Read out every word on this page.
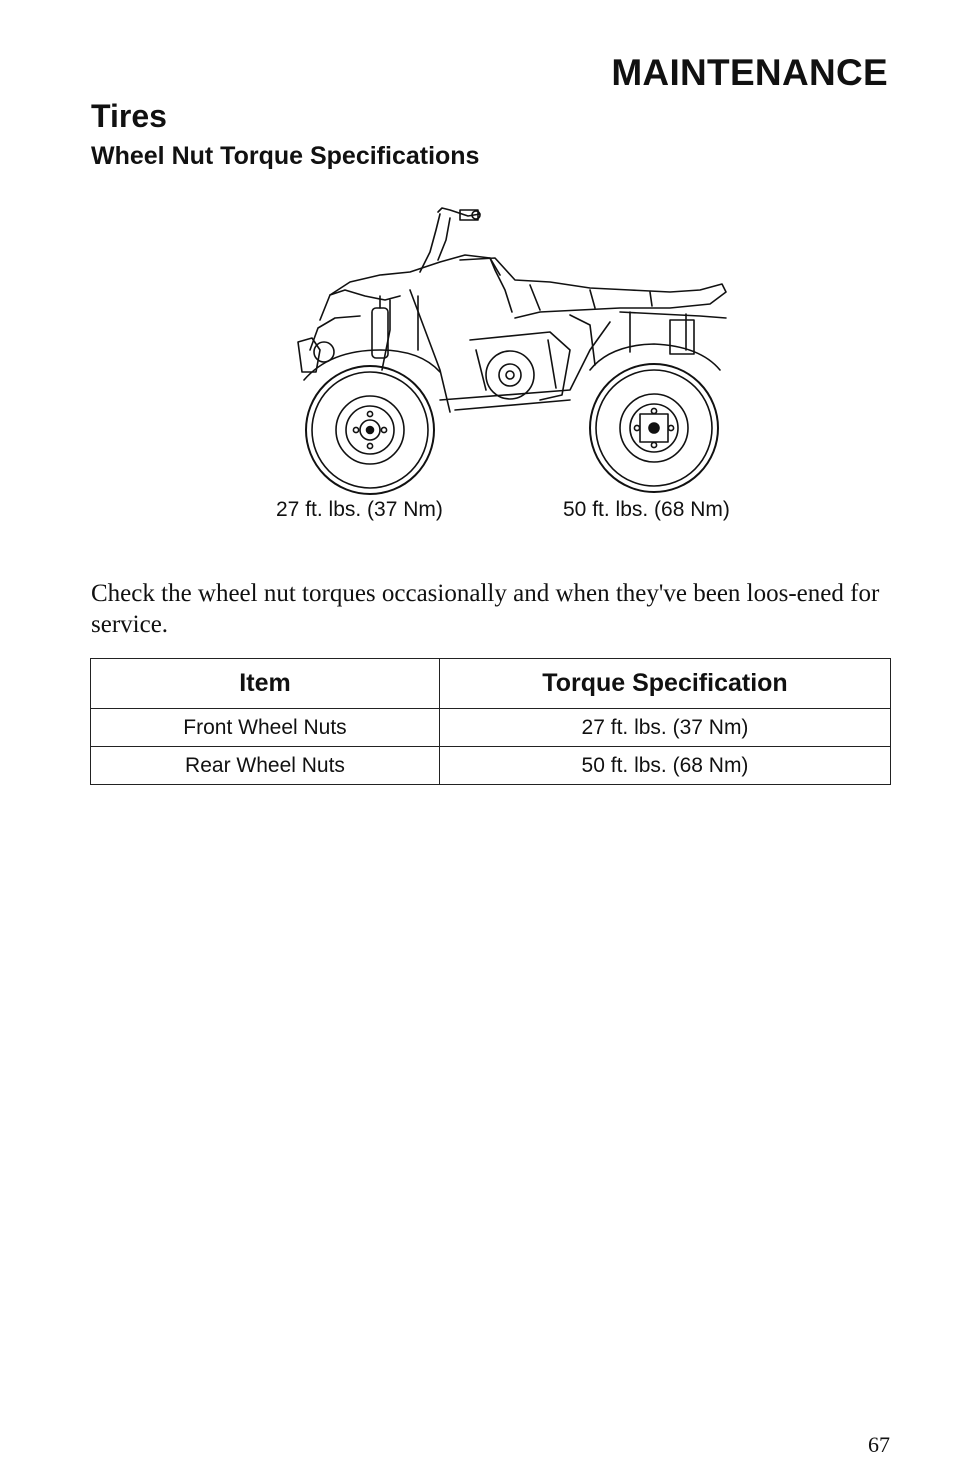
MAINTENANCE
Tires
Wheel Nut Torque Specifications
27 ft. lbs. (37 Nm)	50 ft. lbs. (68 Nm)
Check the wheel nut torques occasionally and when they've been loos-ened for service.
Item	Torque Specification
Front Wheel Nuts	27 ft. lbs. (37 Nm)
Rear Wheel Nuts	50 ft. lbs. (68 Nm)
67
